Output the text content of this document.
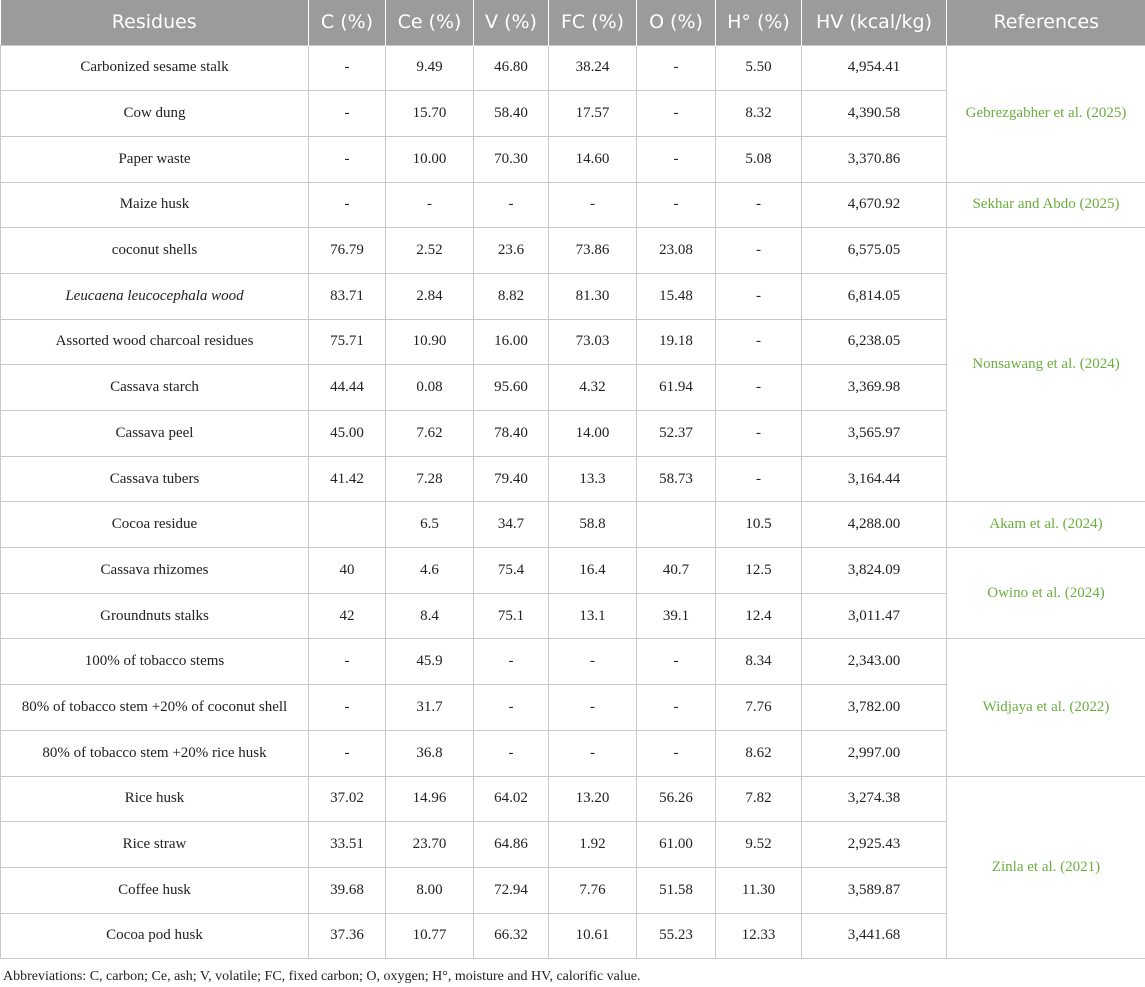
Residues	C (%)	Ce (%)	V (%)	FC (%)	O (%)	H° (%)	HV (kcal/kg)	References
Carbonized sesame stalk	-	9.49	46.80	38.24	-	5.50	4,954.41	Gebrezgabher et al. (2025)
Cow dung	-	15.70	58.40	17.57	-	8.32	4,390.58	
Paper waste	-	10.00	70.30	14.60	-	5.08	3,370.86	
Maize husk	-	-	-	-	-	-	4,670.92	Sekhar and Abdo (2025)
coconut shells	76.79	2.52	23.6	73.86	23.08	-	6,575.05	Nonsawang et al. (2024)
Leucaena leucocephala wood	83.71	2.84	8.82	81.30	15.48	-	6,814.05	
Assorted wood charcoal residues	75.71	10.90	16.00	73.03	19.18	-	6,238.05	
Cassava starch	44.44	0.08	95.60	4.32	61.94	-	3,369.98	
Cassava peel	45.00	7.62	78.40	14.00	52.37	-	3,565.97	
Cassava tubers	41.42	7.28	79.40	13.3	58.73	-	3,164.44	
Cocoa residue		6.5	34.7	58.8		10.5	4,288.00	Akam et al. (2024)
Cassava rhizomes	40	4.6	75.4	16.4	40.7	12.5	3,824.09	Owino et al. (2024)
Groundnuts stalks	42	8.4	75.1	13.1	39.1	12.4	3,011.47	
100% of tobacco stems	-	45.9	-	-	-	8.34	2,343.00	Widjaya et al. (2022)
80% of tobacco stem +20% of coconut shell	-	31.7	-	-	-	7.76	3,782.00	
80% of tobacco stem +20% rice husk	-	36.8	-	-	-	8.62	2,997.00	
Rice husk	37.02	14.96	64.02	13.20	56.26	7.82	3,274.38	Zinla et al. (2021)
Rice straw	33.51	23.70	64.86	1.92	61.00	9.52	2,925.43	
Coffee husk	39.68	8.00	72.94	7.76	51.58	11.30	3,589.87	
Cocoa pod husk	37.36	10.77	66.32	10.61	55.23	12.33	3,441.68	
Abbreviations: C, carbon; Ce, ash; V, volatile; FC, fixed carbon; O, oxygen; H°, moisture and HV, calorific value.
